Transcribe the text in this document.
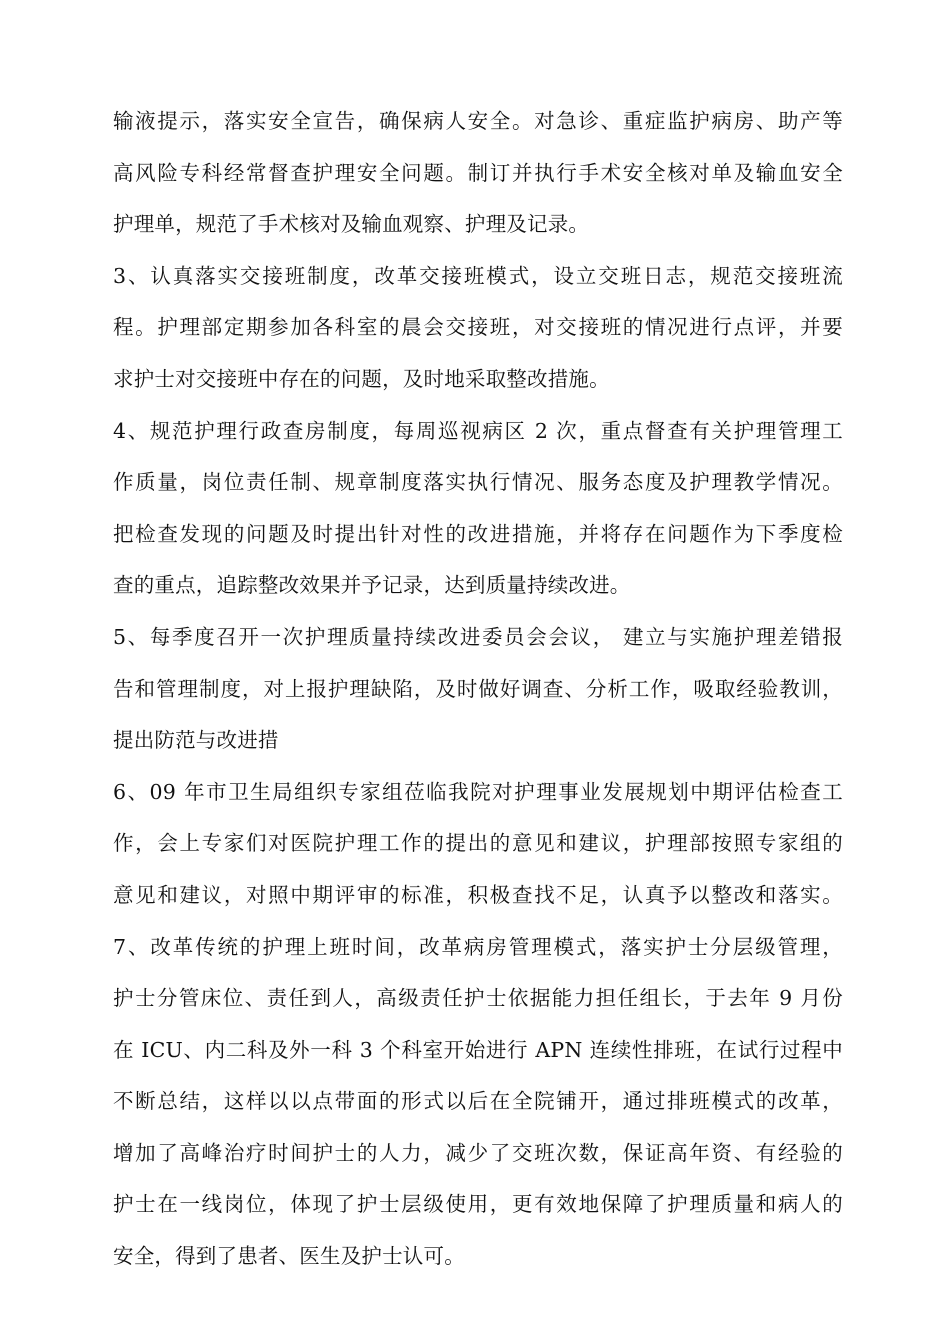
输液提示，落实安全宣告，确保病人安全。对急诊、重症监护病房、助产等
高风险专科经常督查护理安全问题。制订并执行手术安全核对单及输血安全
护理单，规范了手术核对及输血观察、护理及记录。
3、认真落实交接班制度，改革交接班模式，设立交班日志，规范交接班流
程。护理部定期参加各科室的晨会交接班，对交接班的情况进行点评，并要
求护士对交接班中存在的问题，及时地采取整改措施。
4、规范护理行政查房制度，每周巡视病区 2 次，重点督查有关护理管理工
作质量，岗位责任制、规章制度落实执行情况、服务态度及护理教学情况。
把检查发现的问题及时提出针对性的改进措施，并将存在问题作为下季度检
查的重点，追踪整改效果并予记录，达到质量持续改进。
5、每季度召开一次护理质量持续改进委员会会议， 建立与实施护理差错报
告和管理制度，对上报护理缺陷，及时做好调查、分析工作，吸取经验教训，
提出防范与改进措
6、09 年市卫生局组织专家组莅临我院对护理事业发展规划中期评估检查工
作，会上专家们对医院护理工作的提出的意见和建议，护理部按照专家组的
意见和建议，对照中期评审的标准，积极查找不足，认真予以整改和落实。
7、改革传统的护理上班时间，改革病房管理模式，落实护士分层级管理，
护士分管床位、责任到人，高级责任护士依据能力担任组长，于去年 9 月份
在 ICU、内二科及外一科 3 个科室开始进行 APN 连续性排班，在试行过程中
不断总结，这样以以点带面的形式以后在全院铺开，通过排班模式的改革，
增加了高峰治疗时间护士的人力，减少了交班次数，保证高年资、有经验的
护士在一线岗位，体现了护士层级使用，更有效地保障了护理质量和病人的
安全，得到了患者、医生及护士认可。
